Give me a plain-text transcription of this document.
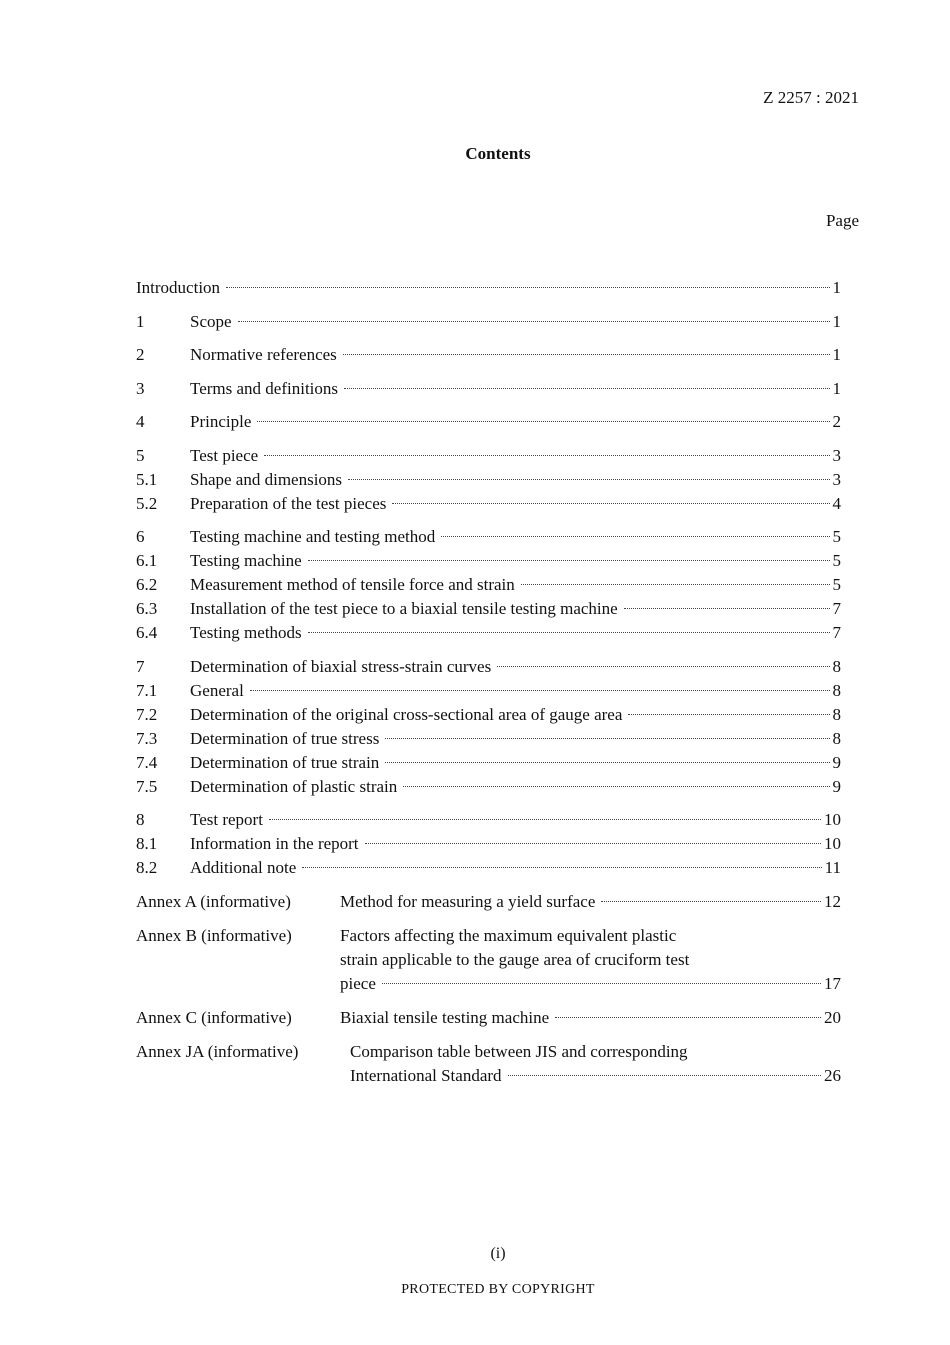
Z 2257 : 2021
Contents
Page
Introduction	1
1	Scope	1
2	Normative references	1
3	Terms and definitions	1
4	Principle	2
5	Test piece	3
5.1	Shape and dimensions	3
5.2	Preparation of the test pieces	4
6	Testing machine and testing method	5
6.1	Testing machine	5
6.2	Measurement method of tensile force and strain	5
6.3	Installation of the test piece to a biaxial tensile testing machine	7
6.4	Testing methods	7
7	Determination of biaxial stress-strain curves	8
7.1	General	8
7.2	Determination of the original cross-sectional area of gauge area	8
7.3	Determination of true stress	8
7.4	Determination of true strain	9
7.5	Determination of plastic strain	9
8	Test report	10
8.1	Information in the report	10
8.2	Additional note	11
Annex A (informative)	Method for measuring a yield surface	12
Annex B (informative)	Factors affecting the maximum equivalent plastic
strain applicable to the gauge area of cruciform test
piece	17
Annex C (informative)	Biaxial tensile testing machine	20
Annex JA (informative)	Comparison table between JIS and corresponding
International Standard	26
(i)
PROTECTED BY COPYRIGHT
